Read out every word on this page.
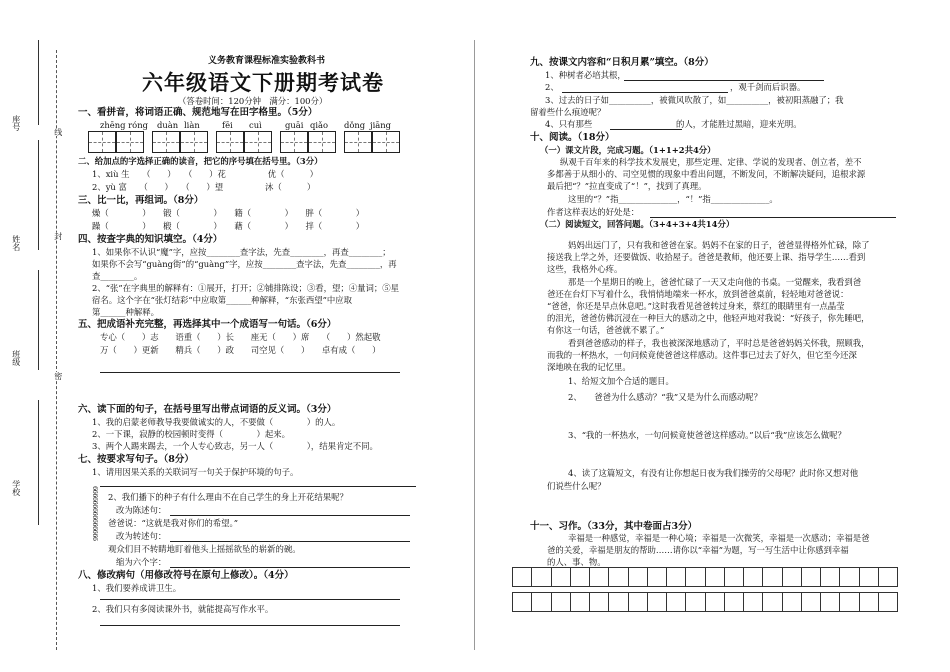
座号
姓名
班级
学校
线
封
密
义务教育课程标准实验教科书
六年级语文下册期考试卷
（答卷时间：120分钟　满分：100分）
一、看拼音，将词语正确、规范地写在田字格里。（5分）
zhēng róng duàn liàn	fēi cuì	guāi qiǎo dǒng jiāng
二、给加点的字选择正确的读音，把它的序号填在括号里。（3分）
1、xiù 生　　（　　）　　（　　）花　　　　　优（　　　）
2、yù 富　　（　　）　　（　　）望　　　　　沐（　　　）
三、比一比，再组词。（8分）
燥（　　　　）　　锻（　　　　）　　籍（　　　　）　　胖（　　　　）
躁（　　　　）　　椴（　　　　）　　藉（　　　　）　　拌（　　　　）
四、按查字典的知识填空。（4分）
1、如果你不认识“魔”字，应按________查字法，先查________，再查________；
如果你不会写“guàng街”的“guàng”字，应按________查字法，先查________，再
查________。
2、“张”在字典里的解释有：①展开，打开；②铺排陈设；③看，望；④量词；⑤星
宿名。这个字在“张灯结彩”中应取第______种解释，“东张西望”中应取
第______种解释。
五、把成语补充完整，再选择其中一个成语写一句话。（6分）
专心（　　）志　　语重（　　）长　　座无（　　）席　　（　　）然起敬
万（　　）更新　　精兵（　　）政　　司空见（　　）　　卓有成（　　）
六、读下面的句子，在括号里写出带点词语的反义词。（3分）
1、我的启蒙老师教导我要做诚实的人，不要做（　　　　）的人。
2、一下课，寂静的校园顿时变得（　　　　）起来。
3、两个人踢来踢去，一个人专心致志，另一人（　　　　），结果肯定不同。
七、按要求写句子。（8分）
1、请用因果关系的关联词写一句关于保护环境的句子。
666666666666666 2、我们播下的种子有什么理由不在自己学生的身上开花结果呢？
改为陈述句：
爸爸说：“这就是我对你们的希望。”
改为转述句：
观众们目不转睛地盯着他头上摇摇欲坠的崭新的碗。
缩为六个字：
八、修改病句（用修改符号在原句上修改）。（4分）
1、我们要养成讲卫生。
2、我们只有多阅读课外书，就能提高写作水平。
九、按课文内容和“日积月累”填空。（8分）
1、种树者必培其根，
2、	，观千剑而后识器。
3、过去的日子如__________，被微风吹散了，如__________，被初阳蒸融了；我
留着些什么痕迹呢？
4、只有那些　　　　　　　　　　的人，才能胜过黑暗，迎来光明。
十、阅读。（18分）
（一）课文片段，完成习题。（1+1+2共4分）
纵观千百年来的科学技术发展史，那些定理、定律、学说的发现者、创立者，差不
多都善于从细小的、司空见惯的现象中看出问题，不断发问，不断解决疑问，追根求源
最后把“？”拉直变成了“！”，找到了真理。
这里的“？”指______________，“！”指______________。
作者这样表达的好处是：
（二）阅读短文，回答问题。（3+4+3+4共14分）
妈妈出远门了，只有我和爸爸在家。妈妈不在家的日子，爸爸显得格外忙碌，除了
接送我上学之外，还要做饭、收拾屋子。爸爸是教师，他还要上课、指导学生……看到
这些，我格外心疼。
那是一个星期日的晚上，爸爸忙碌了一天又走向他的书桌。一觉醒来，我看到爸
爸还在台灯下写着什么，我悄悄地端来一杯水，放到爸爸桌前，轻轻地对爸爸说：
“爸爸，你还是早点休息吧。”这时我看见爸爸转过身来，蔡红的眼睛里有一点晶莹
的泪光，爸爸仿佛沉浸在一种巨大的感动之中，他轻声地对我说：“好孩子，你先睡吧，
有你这一句话，爸爸就不累了。”
看到爸爸感动的样子，我也被深深地感动了，平时总是爸爸妈妈关怀我，照顾我，
而我的一杯热水，一句问候竟使爸爸这样感动。这件事已过去了好久，但它至今还深
深地映在我的记忆里。
1、给短文加个合适的题目。
2、　　爸爸为什么感动？“我”又是为什么而感动呢？
3、“我的一杯热水，一句问候竟使爸爸这样感动。”以后“我”应该怎么做呢？
4、读了这篇短文，有没有让你想起日夜为我们操劳的父母呢？此时你又想对他
们说些什么呢？
十一、习作。（33分，其中卷面占3分）
幸福是一种感觉，幸福是一种心境；幸福是一次微笑，幸福是一次感动；幸福是爸
爸的关爱，幸福是朋友的帮助……请你以“幸福”为题，写一写生活中让你感到幸福
的人、事、物。
